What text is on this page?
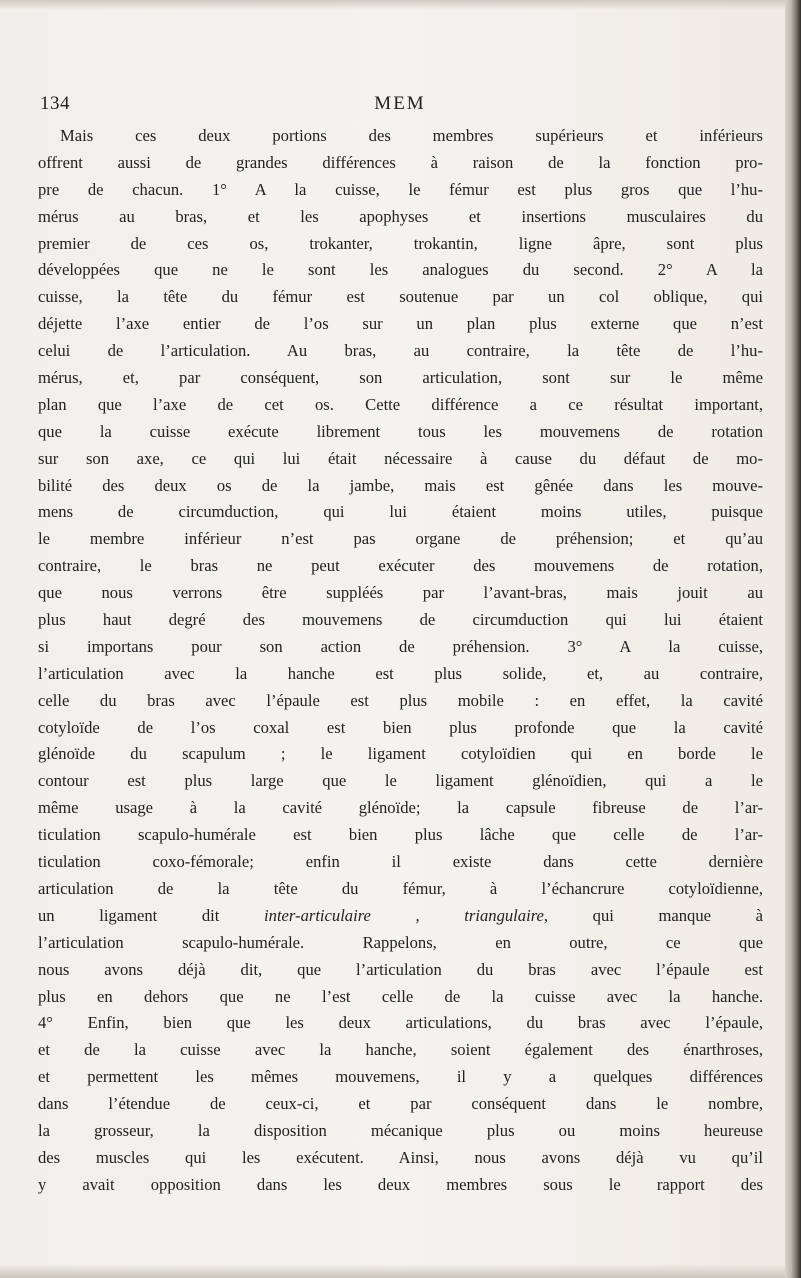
134	MEM
Mais ces deux portions des membres supérieurs et inférieurs
offrent aussi de grandes différences à raison de la fonction pro-
pre de chacun. 1° A la cuisse, le fémur est plus gros que l’hu-
mérus au bras, et les apophyses et insertions musculaires du
premier de ces os, trokanter, trokantin, ligne âpre, sont plus
développées que ne le sont les analogues du second. 2° A la
cuisse, la tête du fémur est soutenue par un col oblique, qui
déjette l’axe entier de l’os sur un plan plus externe que n’est
celui de l’articulation. Au bras, au contraire, la tête de l’hu-
mérus, et, par conséquent, son articulation, sont sur le même
plan que l’axe de cet os. Cette différence a ce résultat important,
que la cuisse exécute librement tous les mouvemens de rotation
sur son axe, ce qui lui était nécessaire à cause du défaut de mo-
bilité des deux os de la jambe, mais est gênée dans les mouve-
mens de circumduction, qui lui étaient moins utiles, puisque
le membre inférieur n’est pas organe de préhension; et qu’au
contraire, le bras ne peut exécuter des mouvemens de rotation,
que nous verrons être suppléés par l’avant-bras, mais jouit au
plus haut degré des mouvemens de circumduction qui lui étaient
si importans pour son action de préhension. 3° A la cuisse,
l’articulation avec la hanche est plus solide, et, au contraire,
celle du bras avec l’épaule est plus mobile : en effet, la cavité
cotyloïde de l’os coxal est bien plus profonde que la cavité
glénoïde du scapulum ; le ligament cotyloïdien qui en borde le
contour est plus large que le ligament glénoïdien, qui a le
même usage à la cavité glénoïde; la capsule fibreuse de l’ar-
ticulation scapulo-humérale est bien plus lâche que celle de l’ar-
ticulation coxo-fémorale; enfin il existe dans cette dernière
articulation de la tête du fémur, à l’échancrure cotyloïdienne,
un ligament dit inter-articulaire , triangulaire, qui manque à
l’articulation scapulo-humérale. Rappelons, en outre, ce que
nous avons déjà dit, que l’articulation du bras avec l’épaule est
plus en dehors que ne l’est celle de la cuisse avec la hanche.
4° Enfin, bien que les deux articulations, du bras avec l’épaule,
et de la cuisse avec la hanche, soient également des énarthroses,
et permettent les mêmes mouvemens, il y a quelques différences
dans l’étendue de ceux-ci, et par conséquent dans le nombre,
la grosseur, la disposition mécanique plus ou moins heureuse
des muscles qui les exécutent. Ainsi, nous avons déjà vu qu’il
y avait opposition dans les deux membres sous le rapport des
